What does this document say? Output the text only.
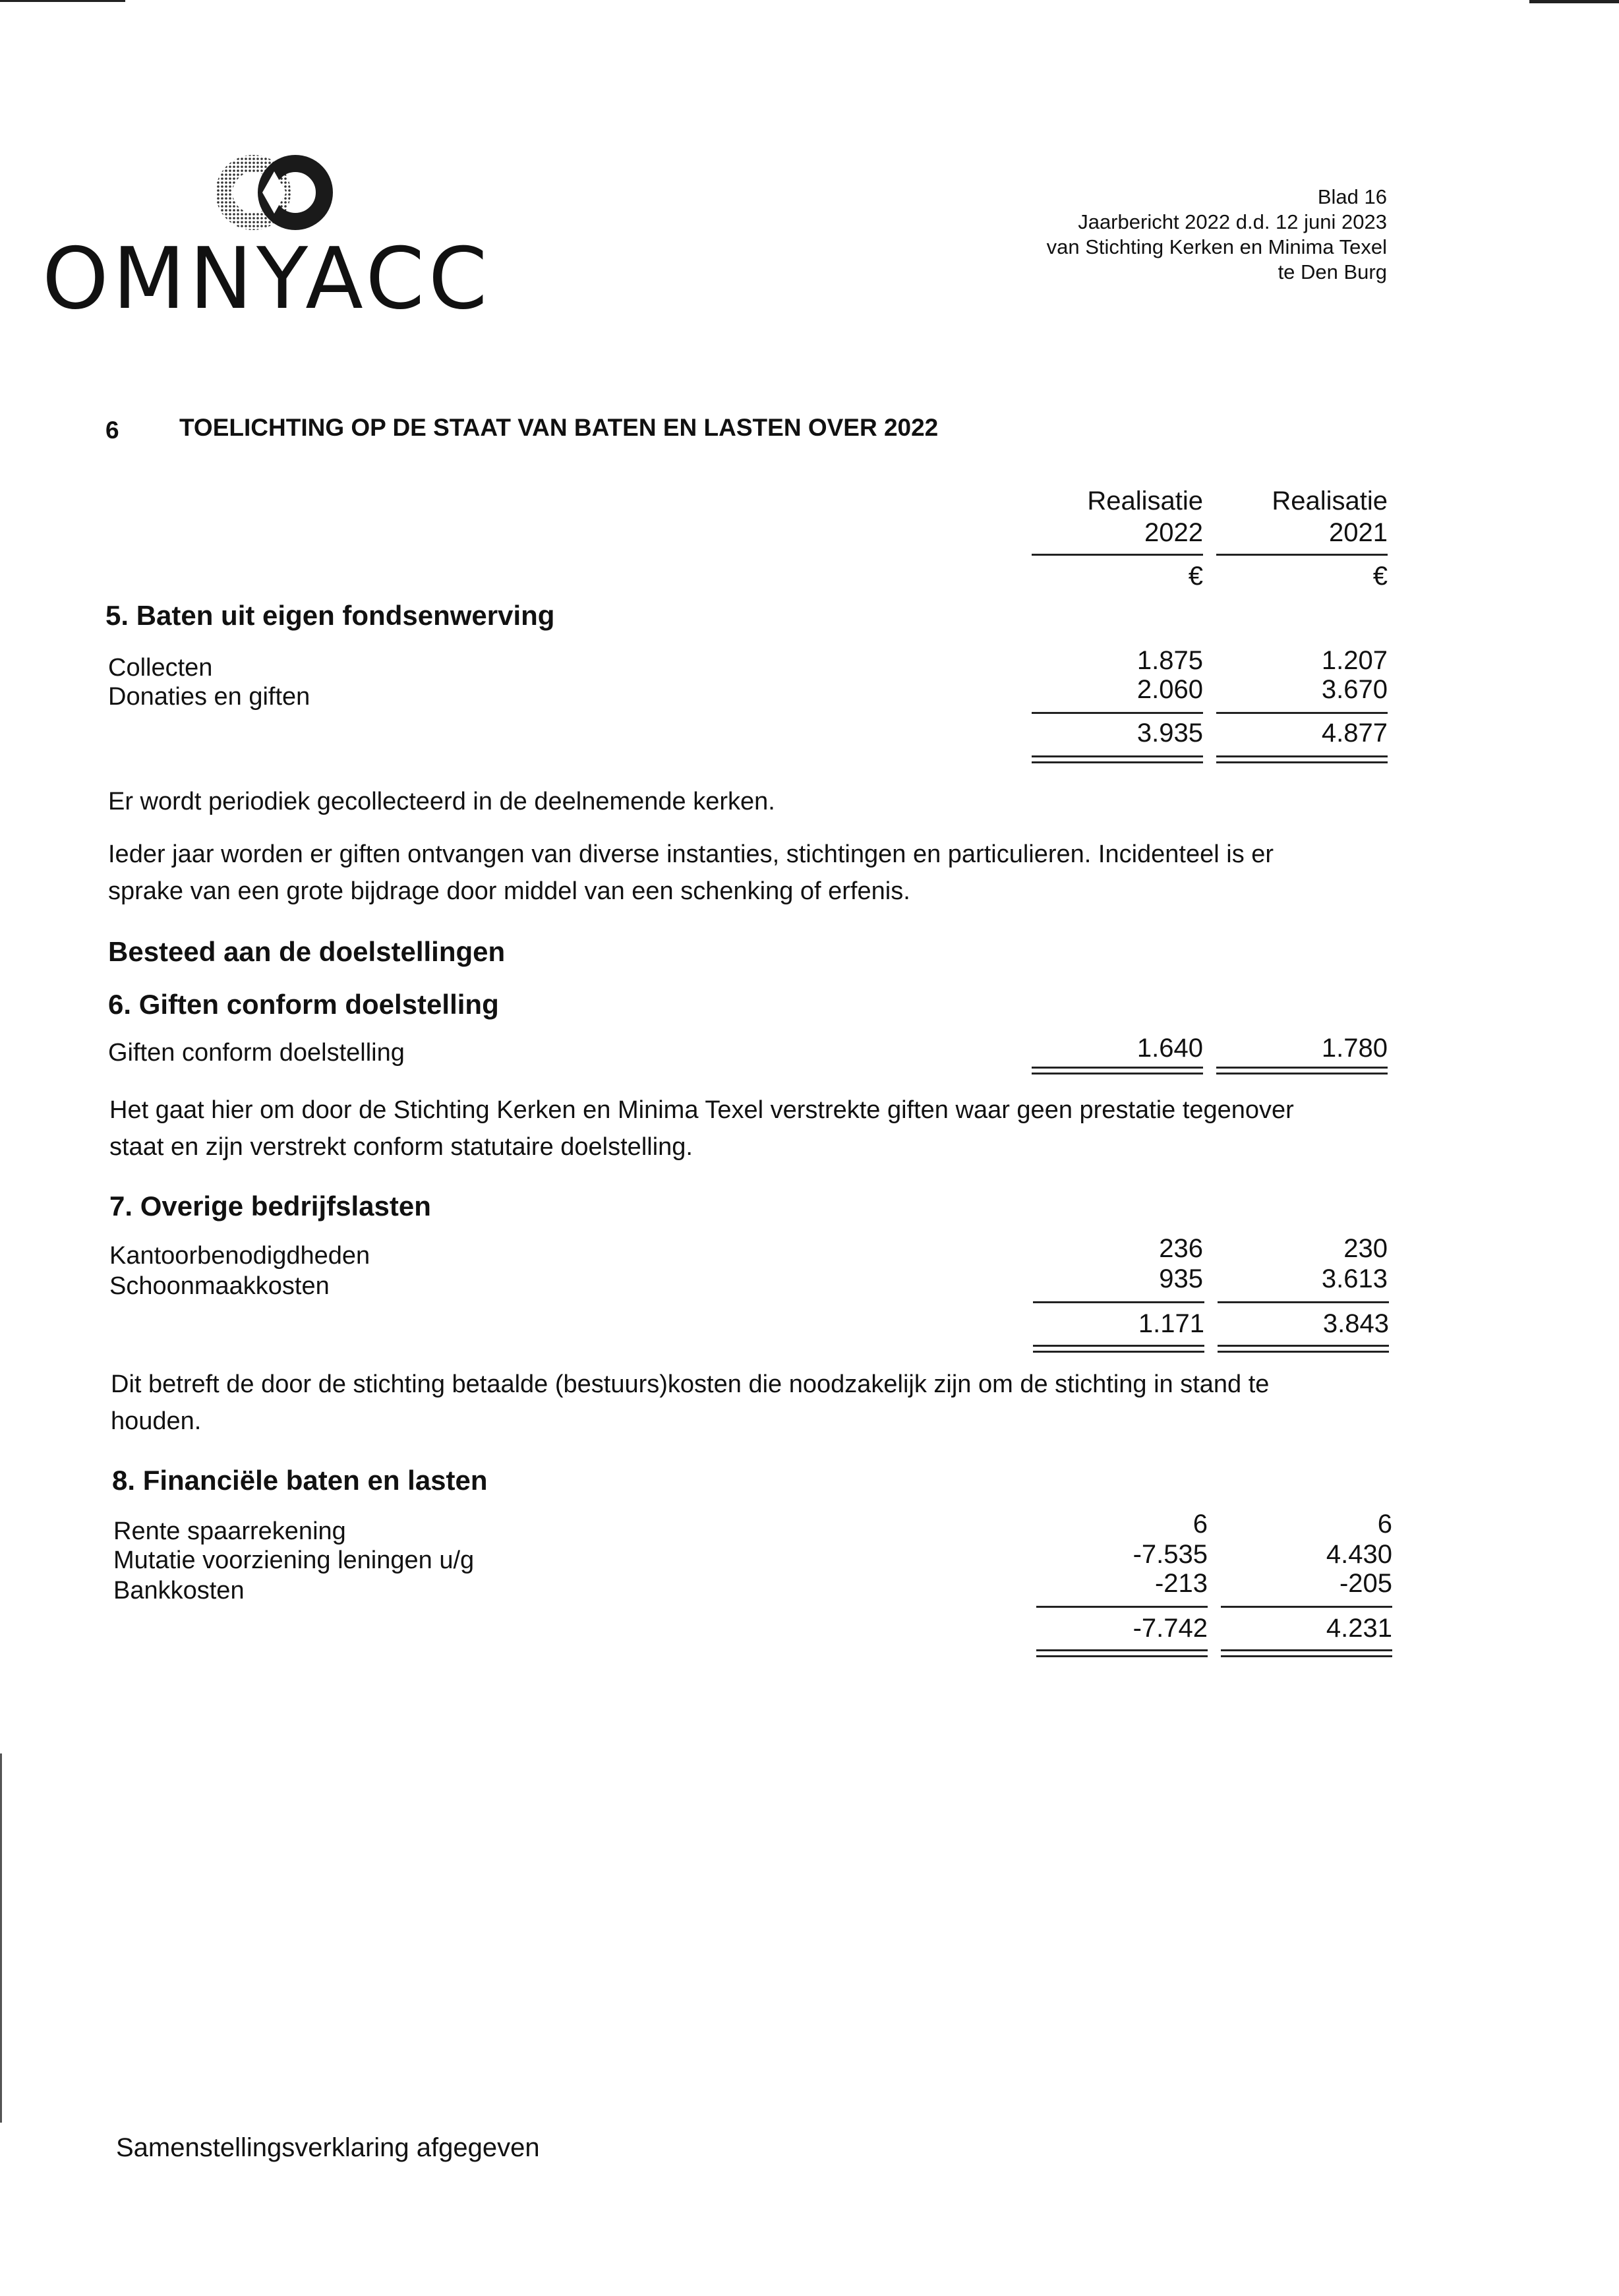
OMNYACC
Blad 16
Jaarbericht 2022 d.d. 12 juni 2023
van Stichting Kerken en Minima Texel
te Den Burg
6 TOELICHTING OP DE STAAT VAN BATEN EN LASTEN OVER 2022
Realisatie
2022
Realisatie
2021
€	€
5. Baten uit eigen fondsenwerving
Collecten	1.875	1.207
Donaties en giften	2.060	3.670
3.935	4.877
Er wordt periodiek gecollecteerd in de deelnemende kerken.
Ieder jaar worden er giften ontvangen van diverse instanties, stichtingen en particulieren. Incidenteel is er
sprake van een grote bijdrage door middel van een schenking of erfenis.
Besteed aan de doelstellingen
6. Giften conform doelstelling
Giften conform doelstelling	1.640	1.780
Het gaat hier om door de Stichting Kerken en Minima Texel verstrekte giften waar geen prestatie tegenover
staat en zijn verstrekt conform statutaire doelstelling.
7. Overige bedrijfslasten
Kantoorbenodigdheden	236	230
Schoonmaakkosten	935	3.613
1.171	3.843
Dit betreft de door de stichting betaalde (bestuurs)kosten die noodzakelijk zijn om de stichting in stand te
houden.
8. Financiële baten en lasten
Rente spaarrekening	6	6
Mutatie voorziening leningen u/g	-7.535	4.430
Bankkosten	-213	-205
-7.742	4.231
Samenstellingsverklaring afgegeven
